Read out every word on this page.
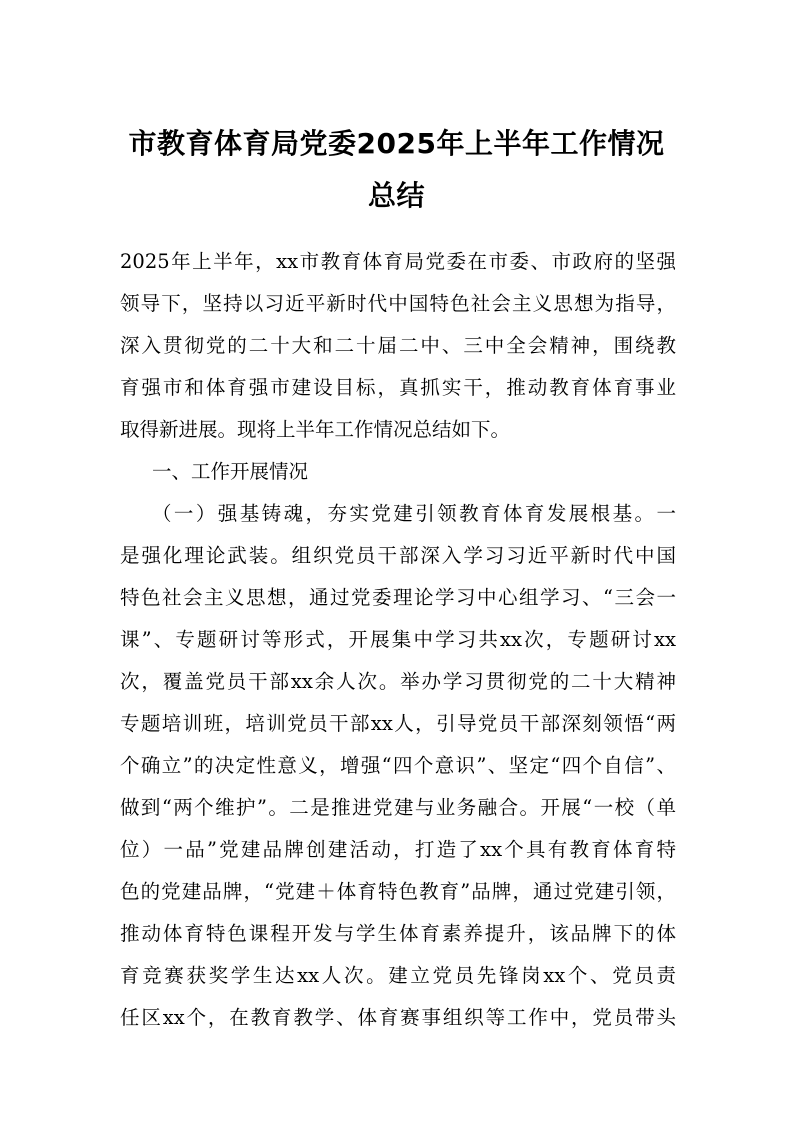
市教育体育局党委2025年上半年工作情况
总结
2025年上半年，xx市教育体育局党委在市委、市政府的坚强
领导下，坚持以习近平新时代中国特色社会主义思想为指导，
深入贯彻党的二十大和二十届二中、三中全会精神，围绕教
育强市和体育强市建设目标，真抓实干，推动教育体育事业
取得新进展。现将上半年工作情况总结如下。
一、工作开展情况
（一）强基铸魂，夯实党建引领教育体育发展根基。一
是强化理论武装。组织党员干部深入学习习近平新时代中国
特色社会主义思想，通过党委理论学习中心组学习、“三会一
课”、专题研讨等形式，开展集中学习共xx次，专题研讨xx
次，覆盖党员干部xx余人次。举办学习贯彻党的二十大精神
专题培训班，培训党员干部xx人，引导党员干部深刻领悟“两
个确立”的决定性意义，增强“四个意识”、坚定“四个自信”、
做到“两个维护”。二是推进党建与业务融合。开展“一校（单
位）一品”党建品牌创建活动，打造了xx个具有教育体育特
色的党建品牌，“党建＋体育特色教育”品牌，通过党建引领，
推动体育特色课程开发与学生体育素养提升，该品牌下的体
育竞赛获奖学生达xx人次。建立党员先锋岗xx个、党员责
任区xx个，在教育教学、体育赛事组织等工作中，党员带头
